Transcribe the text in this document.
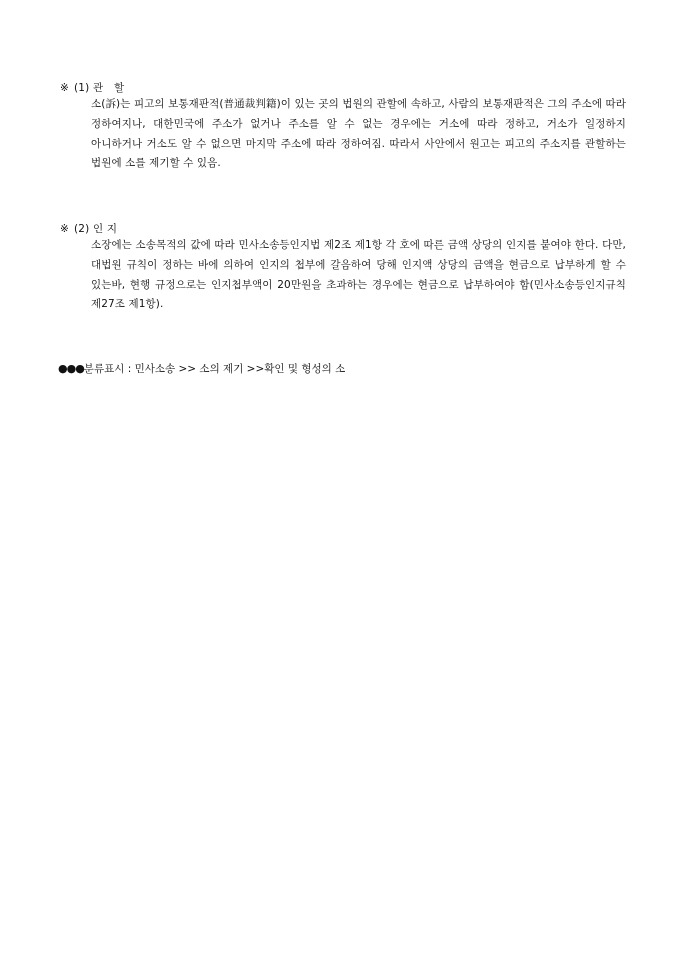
※ (1) 관　할
소(訴)는 피고의 보통재판적(普通裁判籍)이 있는 곳의 법원의 관할에 속하고, 사람의 보통재판적은 그의 주소에 따라 정하여지나, 대한민국에 주소가 없거나 주소를 알 수 없는 경우에는 거소에 따라 정하고, 거소가 일정하지 아니하거나 거소도 알 수 없으면 마지막 주소에 따라 정하여짐. 따라서 사안에서 원고는 피고의 주소지를 관할하는 법원에 소를 제기할 수 있음.
※ (2) 인 지
소장에는 소송목적의 값에 따라 민사소송등인지법 제2조 제1항 각 호에 따른 금액 상당의 인지를 붙여야 한다. 다만, 대법원 규칙이 정하는 바에 의하여 인지의 첩부에 갈음하여 당해 인지액 상당의 금액을 현금으로 납부하게 할 수 있는바, 현행 규정으로는 인지첩부액이 20만원을 초과하는 경우에는 현금으로 납부하여야 함(민사소송등인지규칙 제27조 제1항).
●●●분류표시 : 민사소송 >> 소의 제기 >>확인 및 형성의 소
